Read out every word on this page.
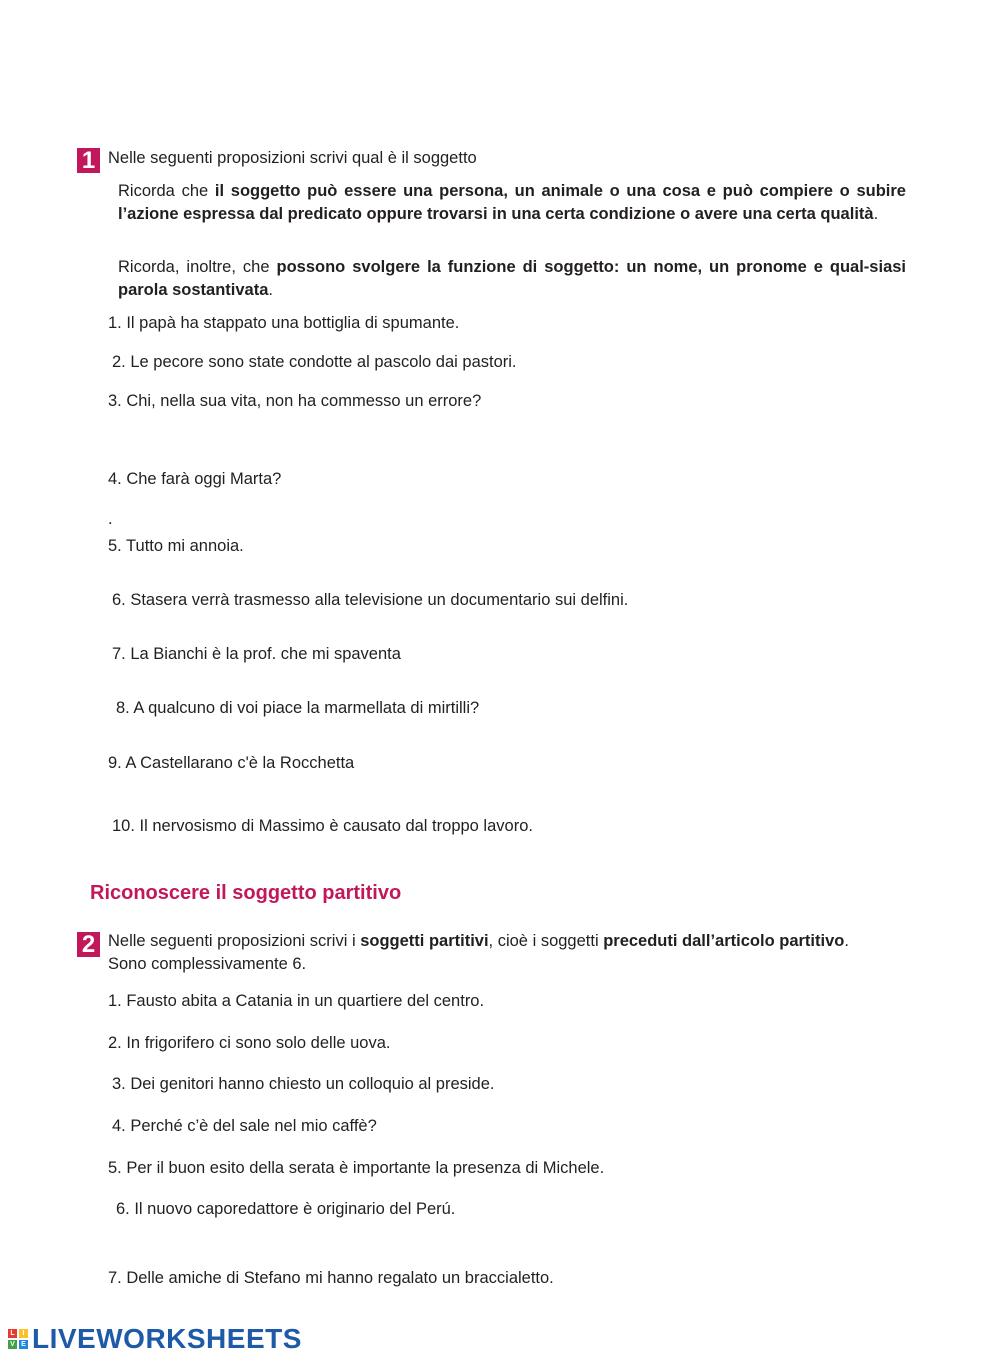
1 Nelle seguenti proposizioni scrivi qual è il soggetto
Ricorda che il soggetto può essere una persona, un animale o una cosa e può compiere o subire l’azione espressa dal predicato oppure trovarsi in una certa condizione o avere una certa qualità.
Ricorda, inoltre, che possono svolgere la funzione di soggetto: un nome, un pronome e qual-siasi parola sostantivata.
1. Il papà ha stappato una bottiglia di spumante.
2. Le pecore sono state condotte al pascolo dai pastori.
3. Chi, nella sua vita, non ha commesso un errore?
4. Che farà oggi Marta?
.
5. Tutto mi annoia.
6. Stasera verrà trasmesso alla televisione un documentario sui delfini.
7. La Bianchi è la prof. che mi spaventa
8. A qualcuno di voi piace la marmellata di mirtilli?
9. A Castellarano c'è la Rocchetta
10. Il nervosismo di Massimo è causato dal troppo lavoro.
Riconoscere il soggetto partitivo
2 Nelle seguenti proposizioni scrivi i soggetti partitivi, cioè i soggetti preceduti dall’articolo partitivo. Sono complessivamente 6.
1. Fausto abita a Catania in un quartiere del centro.
2. In frigorifero ci sono solo delle uova.
3. Dei genitori hanno chiesto un colloquio al preside.
4. Perché c’è del sale nel mio caffè?
5. Per il buon esito della serata è importante la presenza di Michele.
6. Il nuovo caporedattore è originario del Perú.
7. Delle amiche di Stefano mi hanno regalato un braccialetto.
L	I
V E LIVEWORKSHEETS
